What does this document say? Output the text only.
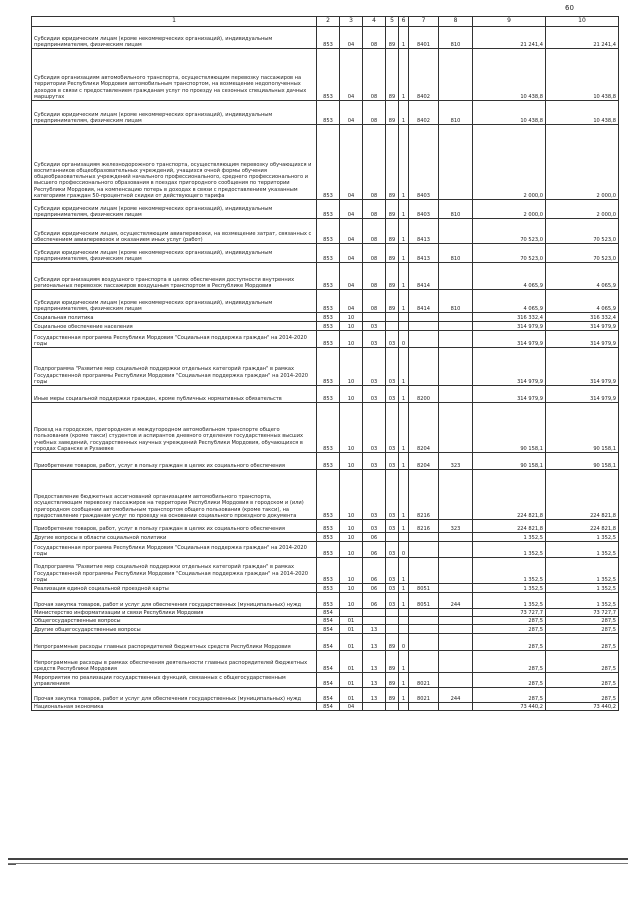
60
1	2	3	4	5	6	7	8	9	10
Субсидии юридическим лицам (кроме некоммерческих организаций), индивидуальным предпринимателям, физическим лицам	853	04	08	89	1	8401	810	21 241,4	21 241,4
Субсидия организациям автомобильного транспорта, осуществляющим перевозку пассажиров на территории Республики Мордовия автомобильным транспортом, на возмещение недополученных доходов в связи с предоставлением гражданам услуг по проезду на сезонных специальных дачных маршрутах	853	04	08	89	1	8402		10 438,8	10 438,8
Субсидии юридическим лицам (кроме некоммерческих организаций), индивидуальным предпринимателям, физическим лицам	853	04	08	89	1	8402	810	10 438,8	10 438,8
Субсидии организациям железнодорожного транспорта, осуществляющим перевозку обучающихся и воспитанников общеобразовательных учреждений, учащихся очной формы обучения общеобразовательных учреждений начального профессионального, среднего профессионального и высшего профессионального образования в поездах пригородного сообщения по территории Республики Мордовия, на компенсацию потерь в доходах в связи с предоставлением указанным категориям граждан 50-процентной скидки от действующего тарифа	853	04	08	89	1	8403		2 000,0	2 000,0
Субсидии юридическим лицам (кроме некоммерческих организаций), индивидуальным предпринимателям, физическим лицам	853	04	08	89	1	8403	810	2 000,0	2 000,0
Субсидии юридическим лицам, осуществляющим авиаперевозки, на возмещение затрат, связанных с обеспечением авиаперевозок и оказанием иных услуг (работ)	853	04	08	89	1	8413		70 523,0	70 523,0
Субсидии юридическим лицам (кроме некоммерческих организаций), индивидуальным предпринимателям, физическим лицам	853	04	08	89	1	8413	810	70 523,0	70 523,0
Субсидии организациям воздушного транспорта в целях обеспечения доступности внутренних региональных перевозок пассажиров воздушным транспортом в Республике Мордовия	853	04	08	89	1	8414		4 065,9	4 065,9
Субсидии юридическим лицам (кроме некоммерческих организаций), индивидуальным предпринимателям, физическим лицам	853	04	08	89	1	8414	810	4 065,9	4 065,9
Социальная политика	853	10						316 332,4	316 332,4
Социальное обеспечение населения	853	10	03					314 979,9	314 979,9
Государственная программа Республики Мордовия "Социальная поддержка граждан" на 2014-2020 годы	853	10	03	03	0			314 979,9	314 979,9
Подпрограмма "Развитие мер социальной поддержки отдельных категорий граждан" в рамках Государственной программы Республики Мордовия "Социальная поддержка граждан" на 2014-2020 годы	853	10	03	03	1			314 979,9	314 979,9
Иные меры социальной поддержки граждан, кроме публичных нормативных обязательств	853	10	03	03	1	8200		314 979,9	314 979,9
Проезд на городском, пригородном и междугородном автомобильном транспорте общего пользования (кроме такси) студентов и аспирантов дневного отделения государственных высших учебных заведений, государственных научных учреждений Республики Мордовия, обучающихся в городах Саранске и Рузаевке	853	10	03	03	1	8204		90 158,1	90 158,1
Приобретение товаров, работ, услуг в пользу граждан в целях их социального обеспечения	853	10	03	03	1	8204	323	90 158,1	90 158,1
Предоставление бюджетных ассигнований организациям автомобильного транспорта, осуществляющим перевозку пассажиров на территории Республики Мордовия в городском и (или) пригородном сообщении автомобильным транспортом общего пользования (кроме такси), на предоставление гражданам услуг по проезду на основании социального проездного документа	853	10	03	03	1	8216		224 821,8	224 821,8
Приобретение товаров, работ, услуг в пользу граждан в целях их социального обеспечения	853	10	03	03	1	8216	323	224 821,8	224 821,8
Другие вопросы в области социальной политики	853	10	06					1 352,5	1 352,5
Государственная программа Республики Мордовия "Социальная поддержка граждан" на 2014-2020 годы	853	10	06	03	0			1 352,5	1 352,5
Подпрограмма "Развитие мер социальной поддержки отдельных категорий граждан" в рамках Государственной программы Республики Мордовия "Социальная поддержка граждан" на 2014-2020 годы	853	10	06	03	1			1 352,5	1 352,5
Реализация единой социальной проездной карты	853	10	06	03	1	8051		1 352,5	1 352,5
Прочая закупка товаров, работ и услуг для обеспечения государственных (муниципальных) нужд	853	10	06	03	1	8051	244	1 352,5	1 352,5
Министерство информатизации и связи Республики Мордовия	854							73 727,7	73 727,7
Общегосударственные вопросы	854	01						287,5	287,5
Другие общегосударственные вопросы	854	01	13					287,5	287,5
Непрограммные расходы главных распорядителей бюджетных средств Республики Мордовия	854	01	13	89	0			287,5	287,5
Непрограммные расходы в рамках обеспечения деятельности главных распорядителей бюджетных средств Республики Мордовия	854	01	13	89	1			287,5	287,5
Мероприятия по реализации государственных функций, связанных с общегосударственным управлением	854	01	13	89	1	8021		287,5	287,5
Прочая закупка товаров, работ и услуг для обеспечения государственных (муниципальных) нужд	854	01	13	89	1	8021	244	287,5	287,5
Национальная экономика	854	04						73 440,2	73 440,2
